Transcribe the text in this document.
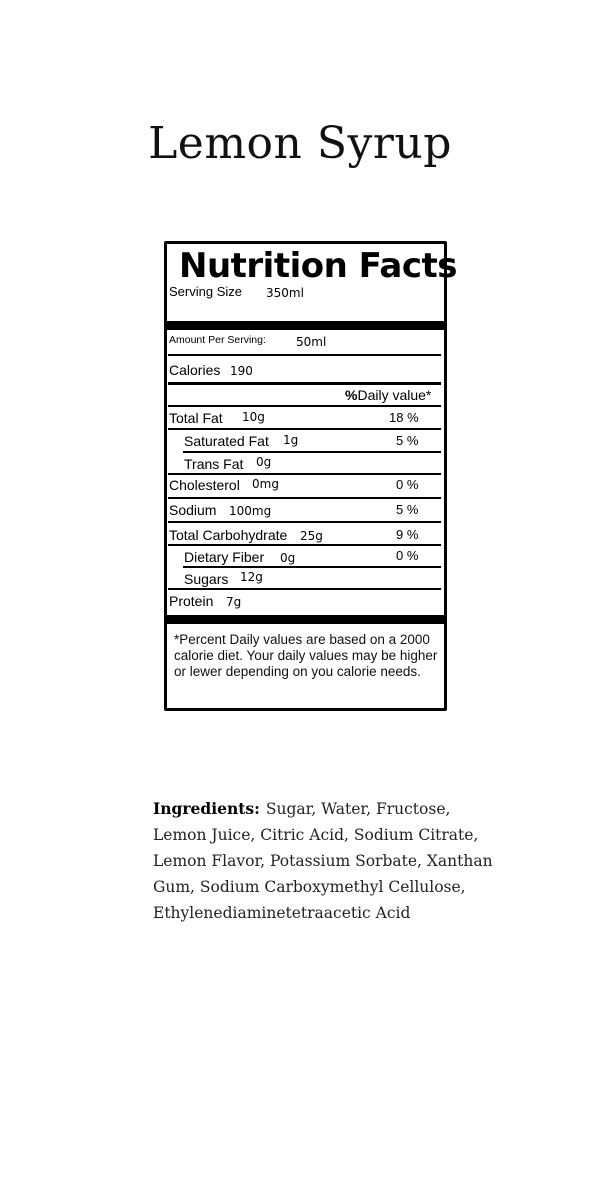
Lemon Syrup
Nutrition Facts
Serving Size 350ml
Amount Per Serving:	50ml
Calories 190
%Daily value*
Total Fat 10g	18 %
Saturated Fat 1g	5 %
Trans Fat 0g
Cholesterol 0mg	0 %
Sodium 100mg	5 %
Total Carbohydrate 25g	9 %
Dietary Fiber 0g	0 %
Sugars 12g
Protein 7g
*Percent Daily values are based on a 2000 calorie diet. Your daily values may be higher or lewer depending on you calorie needs.
Ingredients: Sugar, Water, Fructose, Lemon Juice, Citric Acid, Sodium Citrate, Lemon Flavor, Potassium Sorbate, Xanthan Gum, Sodium Carboxymethyl Cellulose, Ethylenediaminetetraacetic Acid
